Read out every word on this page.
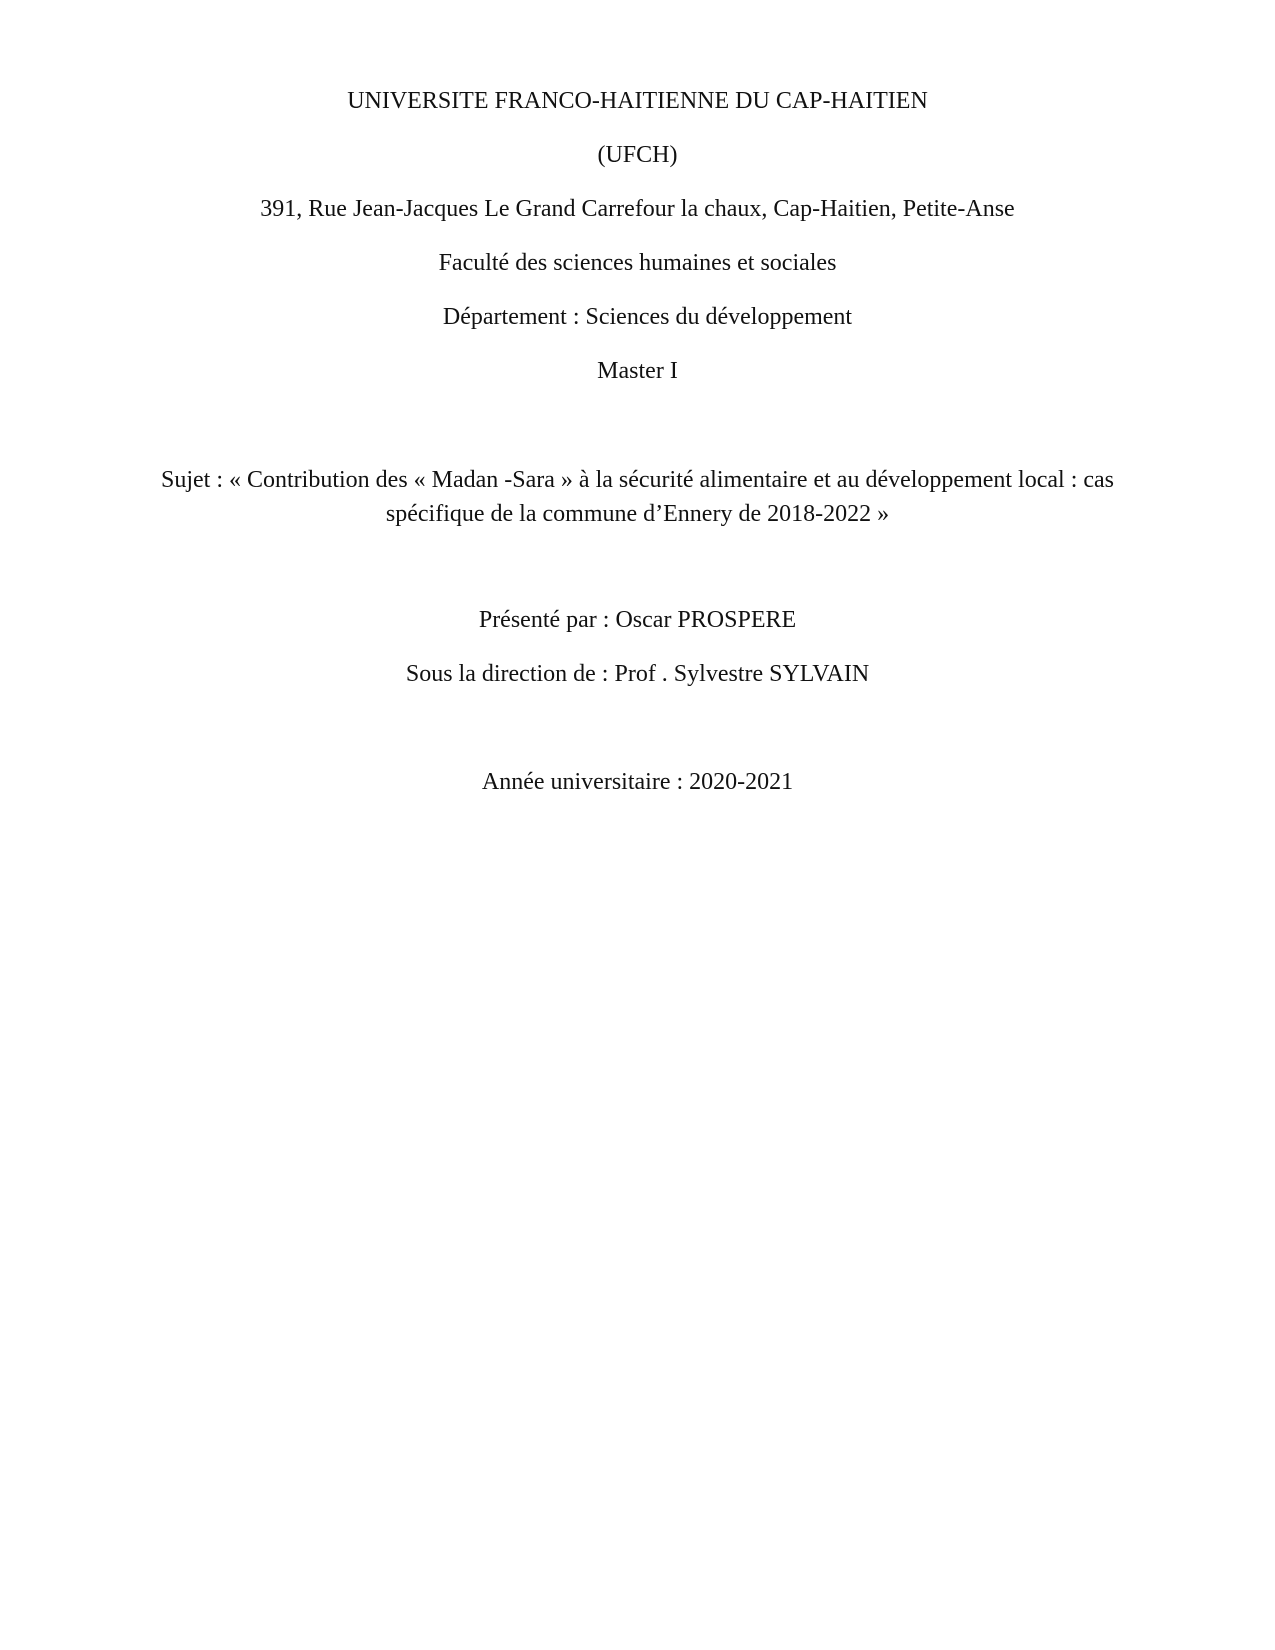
UNIVERSITE FRANCO-HAITIENNE DU CAP-HAITIEN
(UFCH)
391, Rue Jean-Jacques Le Grand Carrefour la chaux, Cap-Haitien, Petite-Anse
Faculté des sciences humaines et sociales
Département : Sciences du développement
Master I
Sujet : « Contribution des « Madan -Sara » à la sécurité alimentaire et au développement local : cas
spécifique de la commune d’Ennery de 2018-2022 »
Présenté par : Oscar PROSPERE
Sous la direction de : Prof . Sylvestre SYLVAIN
Année universitaire : 2020-2021
